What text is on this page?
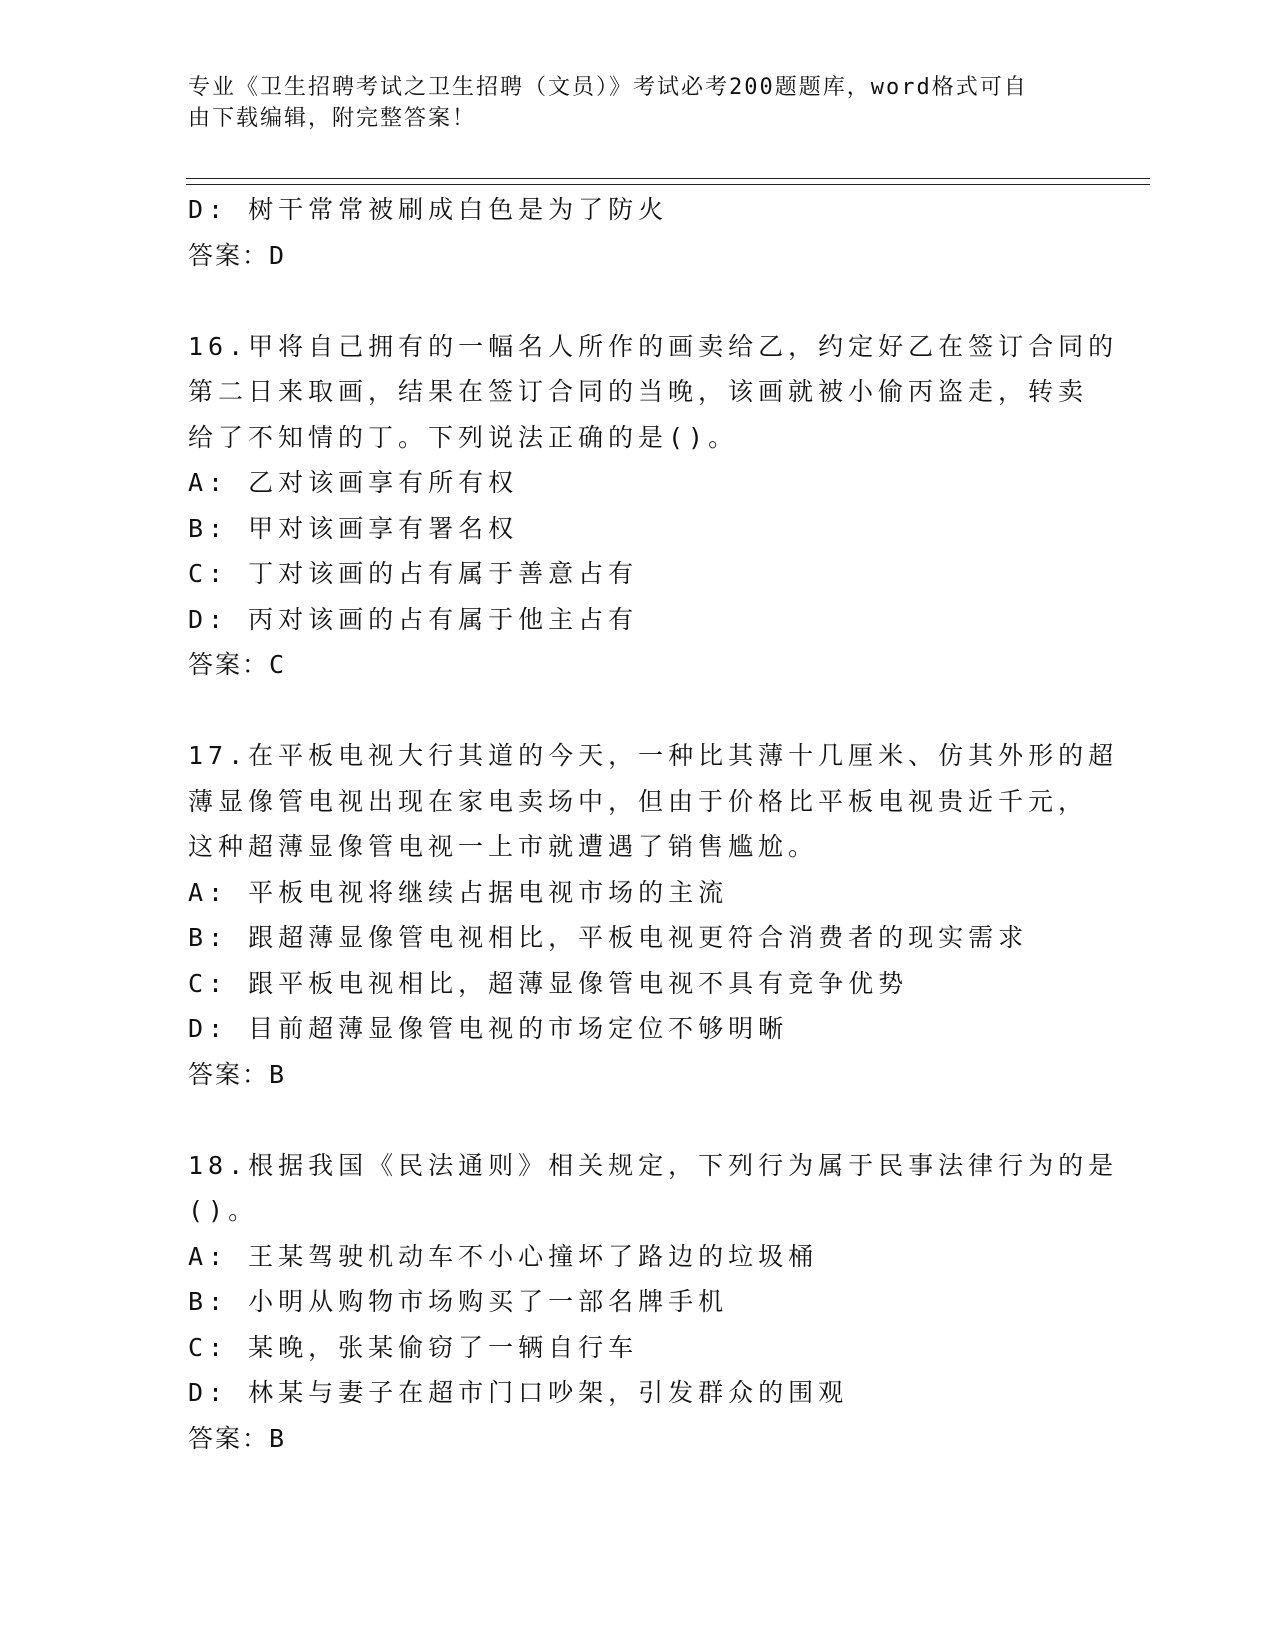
专业《卫生招聘考试之卫生招聘（文员）》考试必考200题题库，word格式可自
由下载编辑，附完整答案！
D: 树干常常被刷成白色是为了防火
答案：D
16.甲将自己拥有的一幅名人所作的画卖给乙，约定好乙在签订合同的
第二日来取画，结果在签订合同的当晚，该画就被小偷丙盗走，转卖
给了不知情的丁。下列说法正确的是()。
A: 乙对该画享有所有权
B: 甲对该画享有署名权
C: 丁对该画的占有属于善意占有
D: 丙对该画的占有属于他主占有
答案：C
17.在平板电视大行其道的今天，一种比其薄十几厘米、仿其外形的超
薄显像管电视出现在家电卖场中，但由于价格比平板电视贵近千元，
这种超薄显像管电视一上市就遭遇了销售尴尬。
A: 平板电视将继续占据电视市场的主流
B: 跟超薄显像管电视相比，平板电视更符合消费者的现实需求
C: 跟平板电视相比，超薄显像管电视不具有竞争优势
D: 目前超薄显像管电视的市场定位不够明晰
答案：B
18.根据我国《民法通则》相关规定，下列行为属于民事法律行为的是
()。
A: 王某驾驶机动车不小心撞坏了路边的垃圾桶
B: 小明从购物市场购买了一部名牌手机
C: 某晚，张某偷窃了一辆自行车
D: 林某与妻子在超市门口吵架，引发群众的围观
答案：B
